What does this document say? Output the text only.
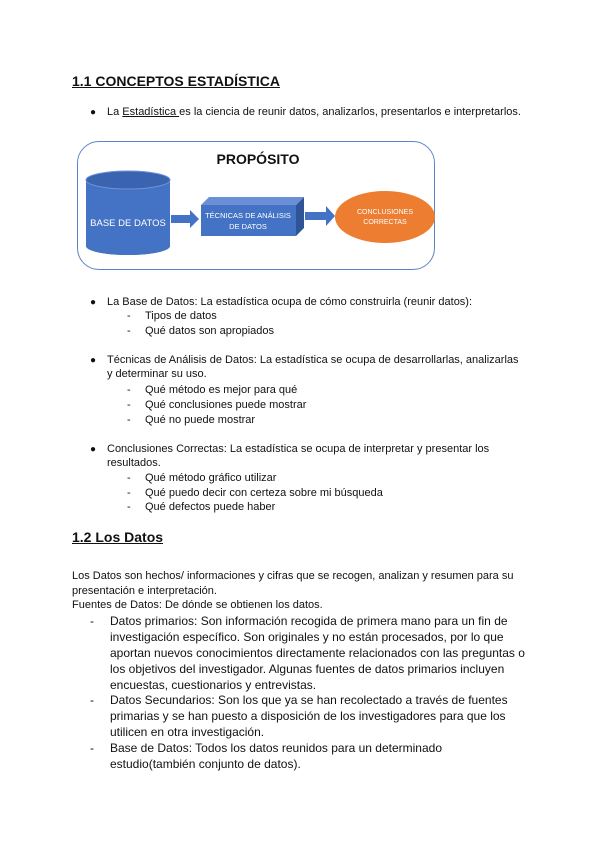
1.1 CONCEPTOS ESTADÍSTICA
● La Estadística es la ciencia de reunir datos, analizarlos, presentarlos e interpretarlos.
PROPÓSITO
BASE DE DATOS
TÉCNICAS DE ANÁLISIS
DE DATOS
CONCLUSIONES
CORRECTAS
● La Base de Datos: La estadística ocupa de cómo construirla (reunir datos):
- Tipos de datos
- Qué datos son apropiados
● Técnicas de Análisis de Datos: La estadística se ocupa de desarrollarlas, analizarlas
y determinar su uso.
- Qué método es mejor para qué
- Qué conclusiones puede mostrar
- Qué no puede mostrar
● Conclusiones Correctas: La estadística se ocupa de interpretar y presentar los
resultados.
- Qué método gráfico utilizar
- Qué puedo decir con certeza sobre mi búsqueda
- Qué defectos puede haber
1.2 Los Datos
Los Datos son hechos/ informaciones y cifras que se recogen, analizan y resumen para su
presentación e interpretación.
Fuentes de Datos: De dónde se obtienen los datos.
- Datos primarios: Son información recogida de primera mano para un fin de
investigación específico. Son originales y no están procesados, por lo que
aportan nuevos conocimientos directamente relacionados con las preguntas o
los objetivos del investigador. Algunas fuentes de datos primarios incluyen
encuestas, cuestionarios y entrevistas.
- Datos Secundarios: Son los que ya se han recolectado a través de fuentes
primarias y se han puesto a disposición de los investigadores para que los
utilicen en otra investigación.
- Base de Datos: Todos los datos reunidos para un determinado
estudio(también conjunto de datos).
